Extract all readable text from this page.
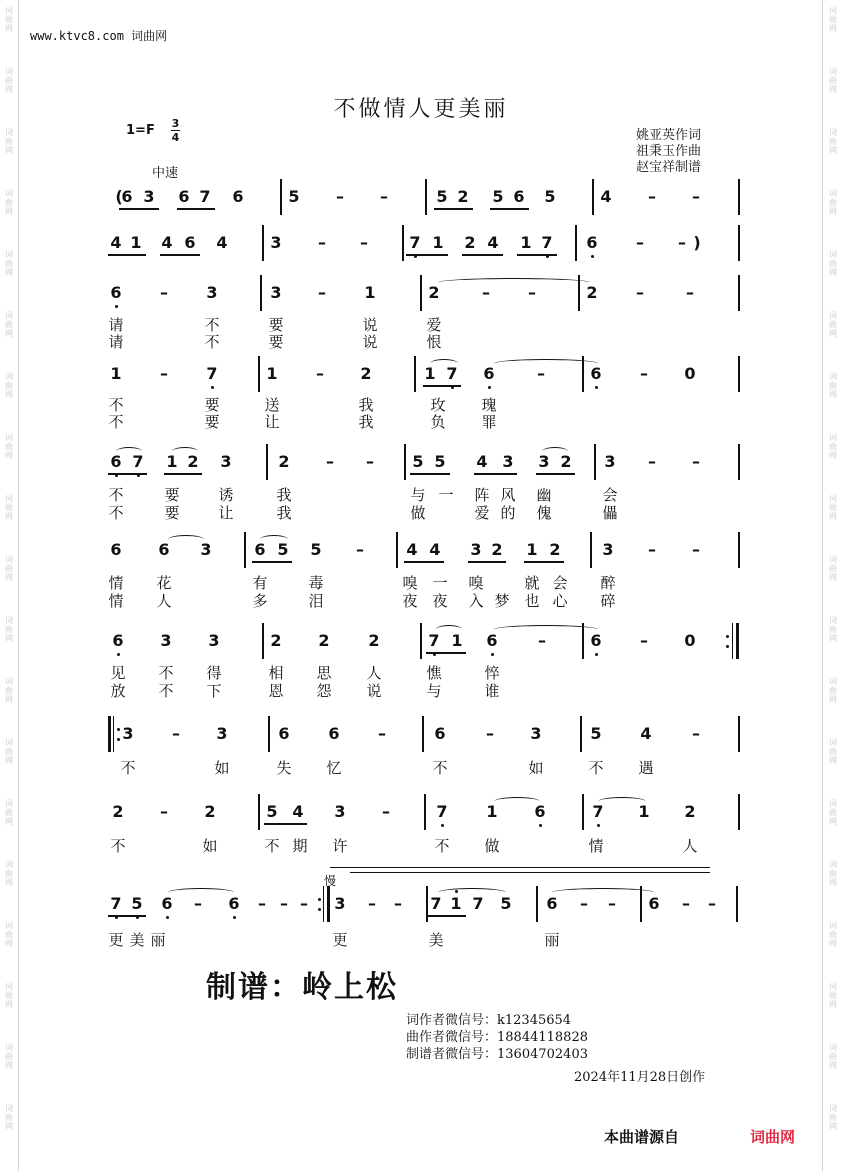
词
曲
网
词
曲
网
词
曲
网
词
曲
网
词
曲
网
词
曲
网
词
曲
网
词
曲
网
词
曲
网
词
曲
网
词
曲
网
词
曲
网
词
曲
网
词
曲
网
词
曲
网
词
曲
网
词
曲
网
词
曲
网
词
曲
网
词
曲
网
词
曲
网
词
曲
网
词
曲
网
词
曲
网
词
曲
网
词
曲
网
词
曲
网
词
曲
网
词
曲
网
词
曲
网
词
曲
网
词
曲
网
词
曲
网
词
曲
网
词
曲
网
词
曲
网
词
曲
网
词
曲
网
www.ktvc8.com 词曲网
不做情人更美丽
1=F 3
4
中速
姚亚英作词
祖秉玉作曲
赵宝祥制谱
(
6 3 6 7 6	5	–	–	5 2 5 6 5	4	–	–
4 1 4 6 4	3	–	–	7 1 2 4 1 7 6	–	– )
6	–	3	3	–	1	2	–	–	2	–	–
请	不	要	说	爱
请	不	要	说	恨
1	–	7	1	–	2	1 7 6	–	6	–	0
不	要	送	我	玫 瑰
不	要	让	我	负 罪
6 7 1 2 3	2	–	–	5 5 4 3 3 2 3	–	–
不	要	诱	我	与 一 阵 风 幽	会
不	要	让	我	做	爱 的 傀	儡
6 6 3	6 5 5	–	4 4 3 2 1 2	3	–	–
情 花	有	毒	嗅 一 嗅	就 会 醉
情 人	多	泪	夜 夜 入 梦 也 心 碎
6 3 3	2 2 2	7 1 6	–	6	–	0
见 不 得	相 思 人	憔	悴
放 不 下	恩 怨 说	与	谁
3	–	3	6 6	–	6	–	3	5 4	–
不	如	失 忆	不	如	不 遇
2	–	2	5 4 3	–	7 1 6	7 1 2
不	如	不 期 许	不 做	情	人
7 5 6	–	6	– – –	3	–	–	7 1 7 5 6	–	–	6	–	–
更 美 丽	更	美	丽
慢
制谱：岭上松
词作者微信号：k12345654
曲作者微信号：18844118828
制谱者微信号：13604702403
2024年11月28日创作
本曲谱源自	词曲网
